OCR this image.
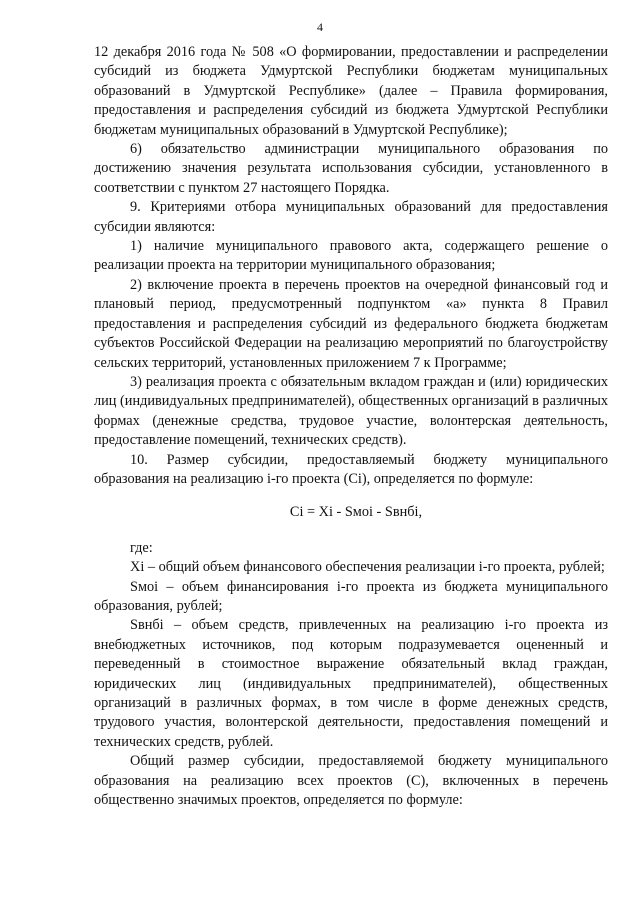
4

12 декабря 2016 года № 508 «О формировании, предоставлении и распределении субсидий из бюджета Удмуртской Республики бюджетам муниципальных образований в Удмуртской Республике» (далее – Правила формирования, предоставления и распределения субсидий из бюджета Удмуртской Республики бюджетам муниципальных образований в Удмуртской Республике);

6) обязательство администрации муниципального образования по достижению значения результата использования субсидии, установленного в соответствии с пунктом 27 настоящего Порядка.

9. Критериями отбора муниципальных образований для предоставления субсидии являются:

1) наличие муниципального правового акта, содержащего решение о реализации проекта на территории муниципального образования;

2) включение проекта в перечень проектов на очередной финансовый год и плановый период, предусмотренный подпунктом «а» пункта 8 Правил предоставления и распределения субсидий из федерального бюджета бюджетам субъектов Российской Федерации на реализацию мероприятий по благоустройству сельских территорий, установленных приложением 7 к Программе;

3) реализация проекта с обязательным вкладом граждан и (или) юридических лиц (индивидуальных предпринимателей), общественных организаций в различных формах (денежные средства, трудовое участие, волонтерская деятельность, предоставление помещений, технических средств).

10. Размер субсидии, предоставляемый бюджету муниципального образования на реализацию i-го проекта (Ci), определяется по формуле:

Ci = Xi - Sмоi - Sвнбi,

где:

Xi – общий объем финансового обеспечения реализации i-го проекта, рублей;

Sмоi – объем финансирования i-го проекта из бюджета муниципального образования, рублей;

Sвнбi – объем средств, привлеченных на реализацию i-го проекта из внебюджетных источников, под которым подразумевается оцененный и переведенный в стоимостное выражение обязательный вклад граждан, юридических лиц (индивидуальных предпринимателей), общественных организаций в различных формах, в том числе в форме денежных средств, трудового участия, волонтерской деятельности, предоставления помещений и технических средств, рублей.

Общий размер субсидии, предоставляемой бюджету муниципального образования на реализацию всех проектов (C), включенных в перечень общественно значимых проектов, определяется по формуле:
